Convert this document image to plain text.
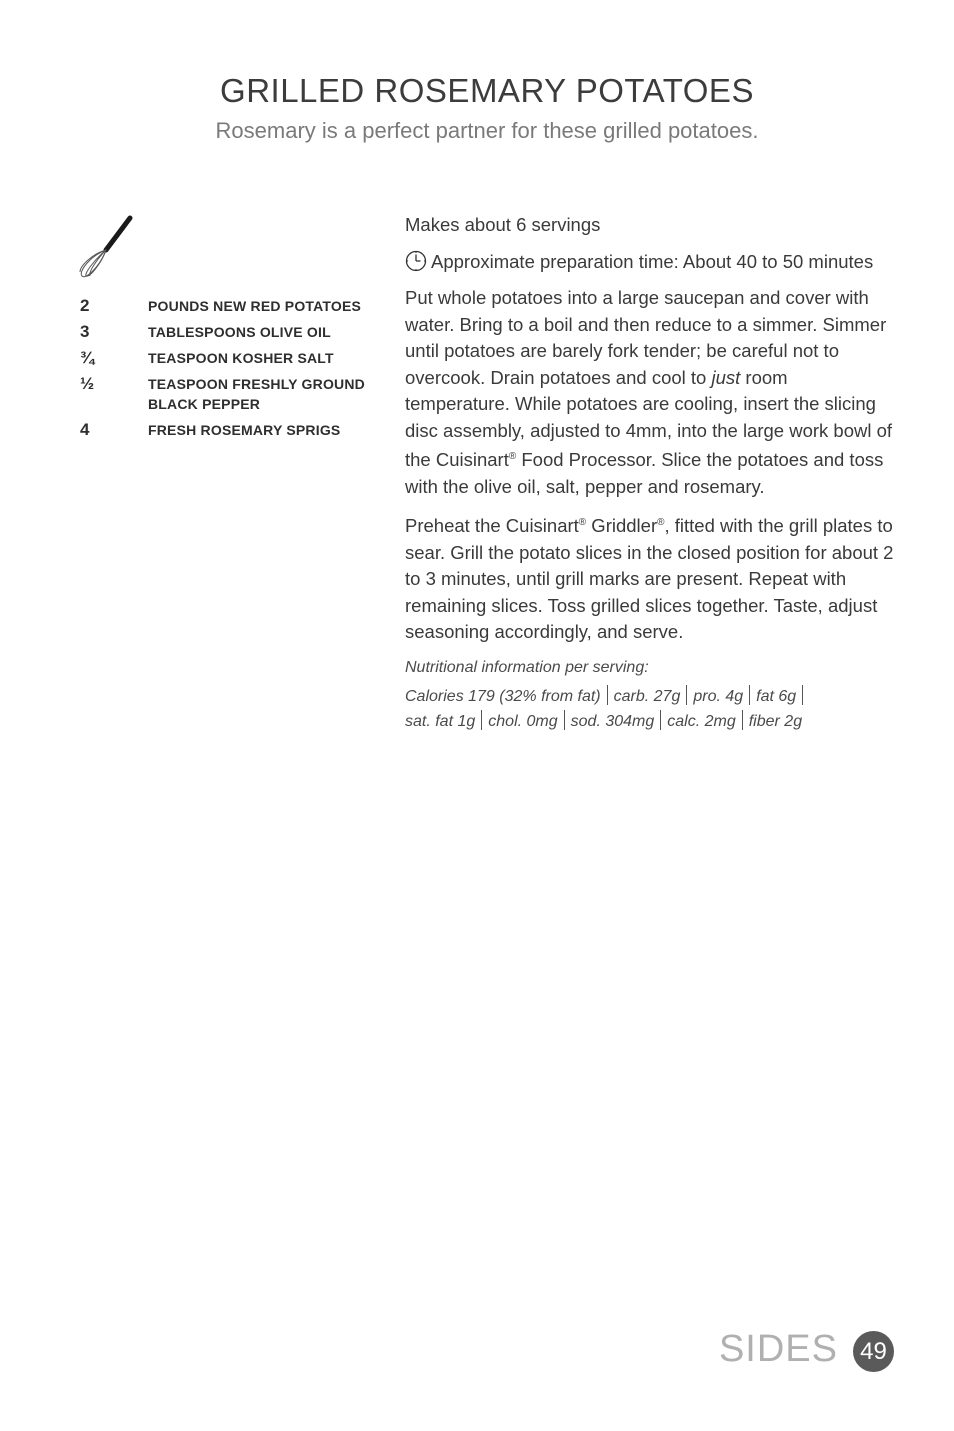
GRILLED ROSEMARY POTATOES
Rosemary is a perfect partner for these grilled potatoes.
2	POUNDS NEW RED POTATOES
3	TABLESPOONS OLIVE OIL
¾	TEASPOON KOSHER SALT
½	TEASPOON FRESHLY GROUND BLACK PEPPER
4	FRESH ROSEMARY SPRIGS

Makes about 6 servings

Approximate preparation time: About 40 to 50 minutes

Put whole potatoes into a large saucepan and cover with water. Bring to a boil and then reduce to a simmer. Simmer until potatoes are barely fork tender; be careful not to overcook. Drain potatoes and cool to just room temperature. While potatoes are cooling, insert the slicing disc assembly, adjusted to 4mm, into the large work bowl of the Cuisinart® Food Processor. Slice the potatoes and toss with the olive oil, salt, pepper and rosemary.

Preheat the Cuisinart® Griddler®, fitted with the grill plates to sear. Grill the potato slices in the closed position for about 2 to 3 minutes, until grill marks are present. Repeat with remaining slices. Toss grilled slices together. Taste, adjust seasoning accordingly, and serve.

Nutritional information per serving:
Calories 179 (32% from fat) carb. 27g pro. 4g fat 6g
sat. fat 1g chol. 0mg sod. 304mg calc. 2mg fiber 2g
SIDES 49
